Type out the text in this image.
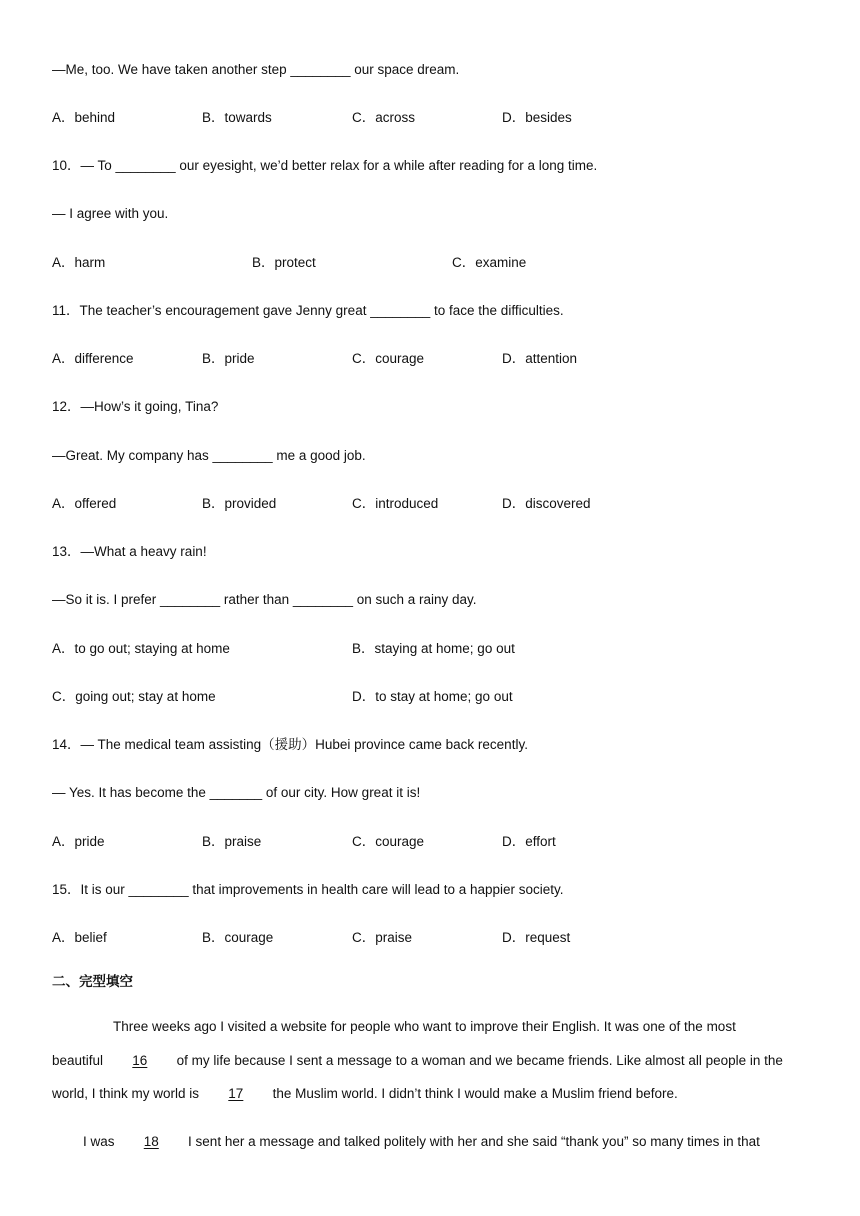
—Me, too. We have taken another step ________ our space dream.
A．behind	B．towards	C．across	D．besides
10．— To ________ our eyesight, we’d better relax for a while after reading for a long time.
— I agree with you.
A．harm	B．protect	C．examine
11．The teacher’s encouragement gave Jenny great ________ to face the difficulties.
A．difference	B．pride	C．courage	D．attention
12．—How’s it going, Tina?
—Great. My company has ________ me a good job.
A．offered	B．provided	C．introduced	D．discovered
13．—What a heavy rain!
—So it is. I prefer ________ rather than ________ on such a rainy day.
A．to go out; staying at home	B．staying at home; go out
C．going out; stay at home	D．to stay at home; go out
14．— The medical team assisting（援助）Hubei province came back recently.
— Yes. It has become the _______ of our city. How great it is!
A．pride	B．praise	C．courage	D．effort
15．It is our ________ that improvements in health care will lead to a happier society.
A．belief	B．courage	C．praise	D．request
二、完型填空
Three weeks ago I visited a website for people who want to improve their English. It was one of the most
beautiful 16 of my life because I sent a message to a woman and we became friends. Like almost all people in the
world, I think my world is 17 the Muslim world. I didn’t think I would make a Muslim friend before.
I was 18 I sent her a message and talked politely with her and she said “thank you” so many times in that
